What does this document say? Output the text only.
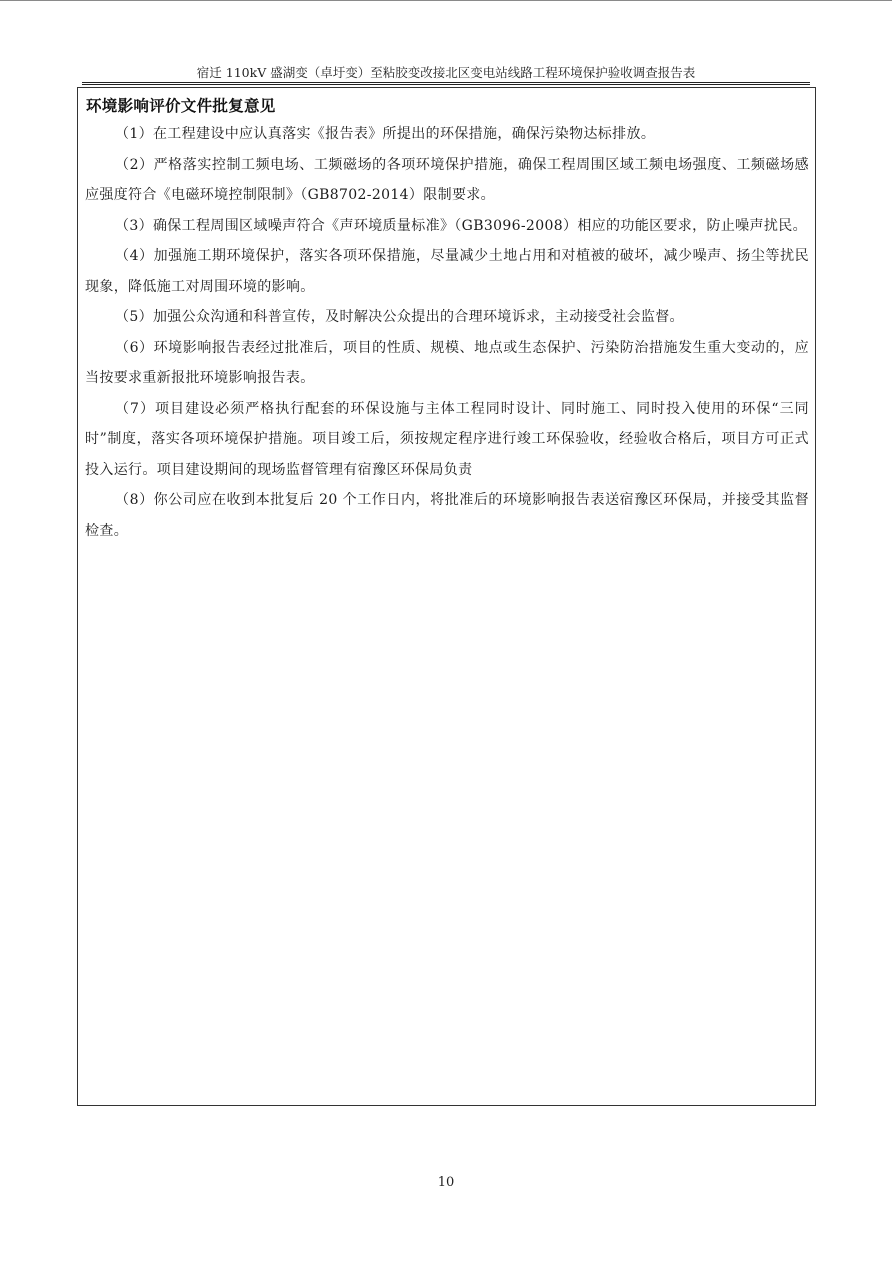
宿迁 110kV 盛湖变（卓圩变）至粘胶变改接北区变电站线路工程环境保护验收调查报告表
环境影响评价文件批复意见

（1）在工程建设中应认真落实《报告表》所提出的环保措施，确保污染物达标排放。

（2）严格落实控制工频电场、工频磁场的各项环境保护措施，确保工程周围区域工频电场强度、工频磁场感应强度符合《电磁环境控制限制》（GB8702-2014）限制要求。

（3）确保工程周围区域噪声符合《声环境质量标准》（GB3096-2008）相应的功能区要求，防止噪声扰民。

（4）加强施工期环境保护，落实各项环保措施，尽量减少土地占用和对植被的破坏，减少噪声、扬尘等扰民现象，降低施工对周围环境的影响。

（5）加强公众沟通和科普宣传，及时解决公众提出的合理环境诉求，主动接受社会监督。

（6）环境影响报告表经过批准后，项目的性质、规模、地点或生态保护、污染防治措施发生重大变动的，应当按要求重新报批环境影响报告表。

（7）项目建设必须严格执行配套的环保设施与主体工程同时设计、同时施工、同时投入使用的环保“三同时”制度，落实各项环境保护措施。项目竣工后，须按规定程序进行竣工环保验收，经验收合格后，项目方可正式投入运行。项目建设期间的现场监督管理有宿豫区环保局负责

（8）你公司应在收到本批复后 20 个工作日内，将批准后的环境影响报告表送宿豫区环保局，并接受其监督检查。

10
